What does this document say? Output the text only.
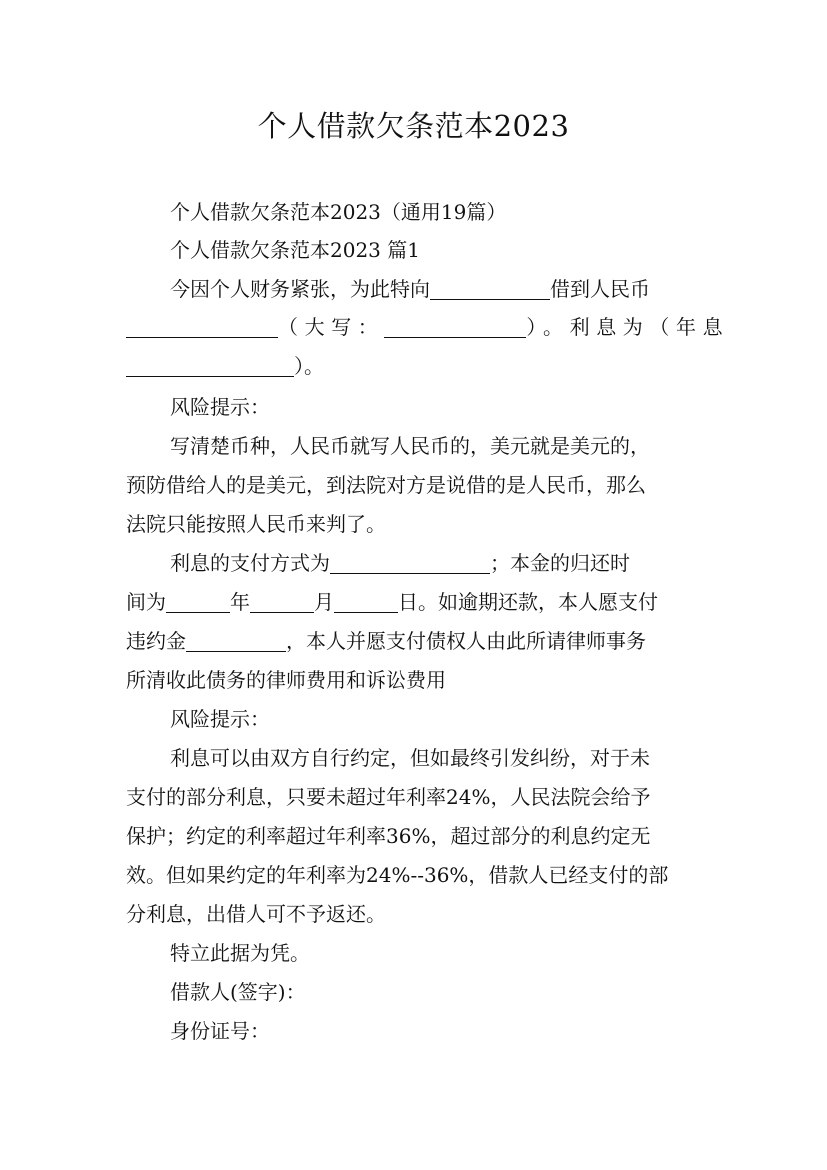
个人借款欠条范本2023
个人借款欠条范本2023（通用19篇）
个人借款欠条范本2023 篇1
今因个人财务紧张，为此特向	借到人民币
（大写：	）。利息为（年息
）。
风险提示：
写清楚币种，人民币就写人民币的，美元就是美元的，
预防借给人的是美元，到法院对方是说借的是人民币，那么
法院只能按照人民币来判了。
利息的支付方式为	；本金的归还时
间为	年	月	日。如逾期还款，本人愿支付
违约金	，本人并愿支付债权人由此所请律师事务
所清收此债务的律师费用和诉讼费用
风险提示：
利息可以由双方自行约定，但如最终引发纠纷，对于未
支付的部分利息，只要未超过年利率24%，人民法院会给予
保护；约定的利率超过年利率36%，超过部分的利息约定无
效。但如果约定的年利率为24%--36%，借款人已经支付的部
分利息，出借人可不予返还。
特立此据为凭。
借款人(签字)：
身份证号：
